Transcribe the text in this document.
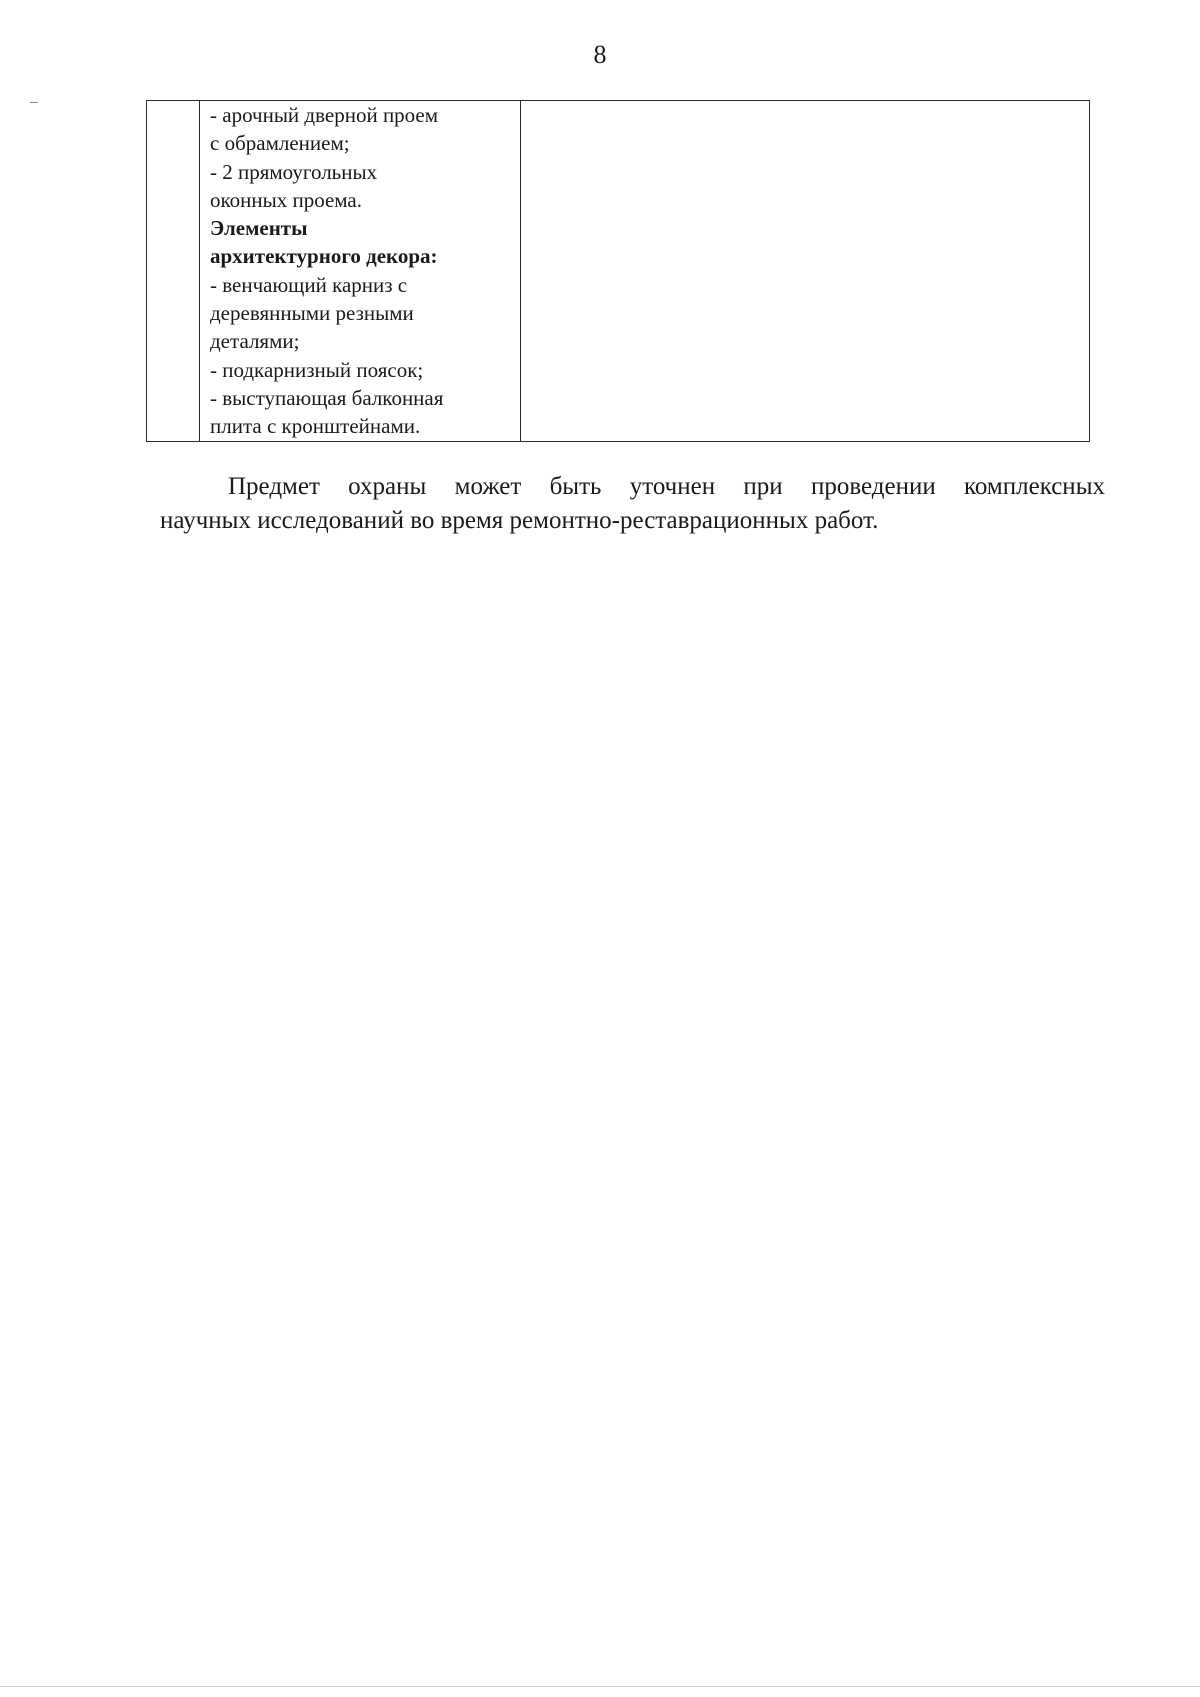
8

- арочный дверной проем
с обрамлением;
- 2 прямоугольных
оконных проема.
Элементы
архитектурного декора:
- венчающий карниз с
деревянными резными
деталями;
- подкарнизный поясок;
- выступающая балконная
плита с кронштейнами.

Предмет охраны может быть уточнен при проведении комплексных
научных исследований во время ремонтно-реставрационных работ.
